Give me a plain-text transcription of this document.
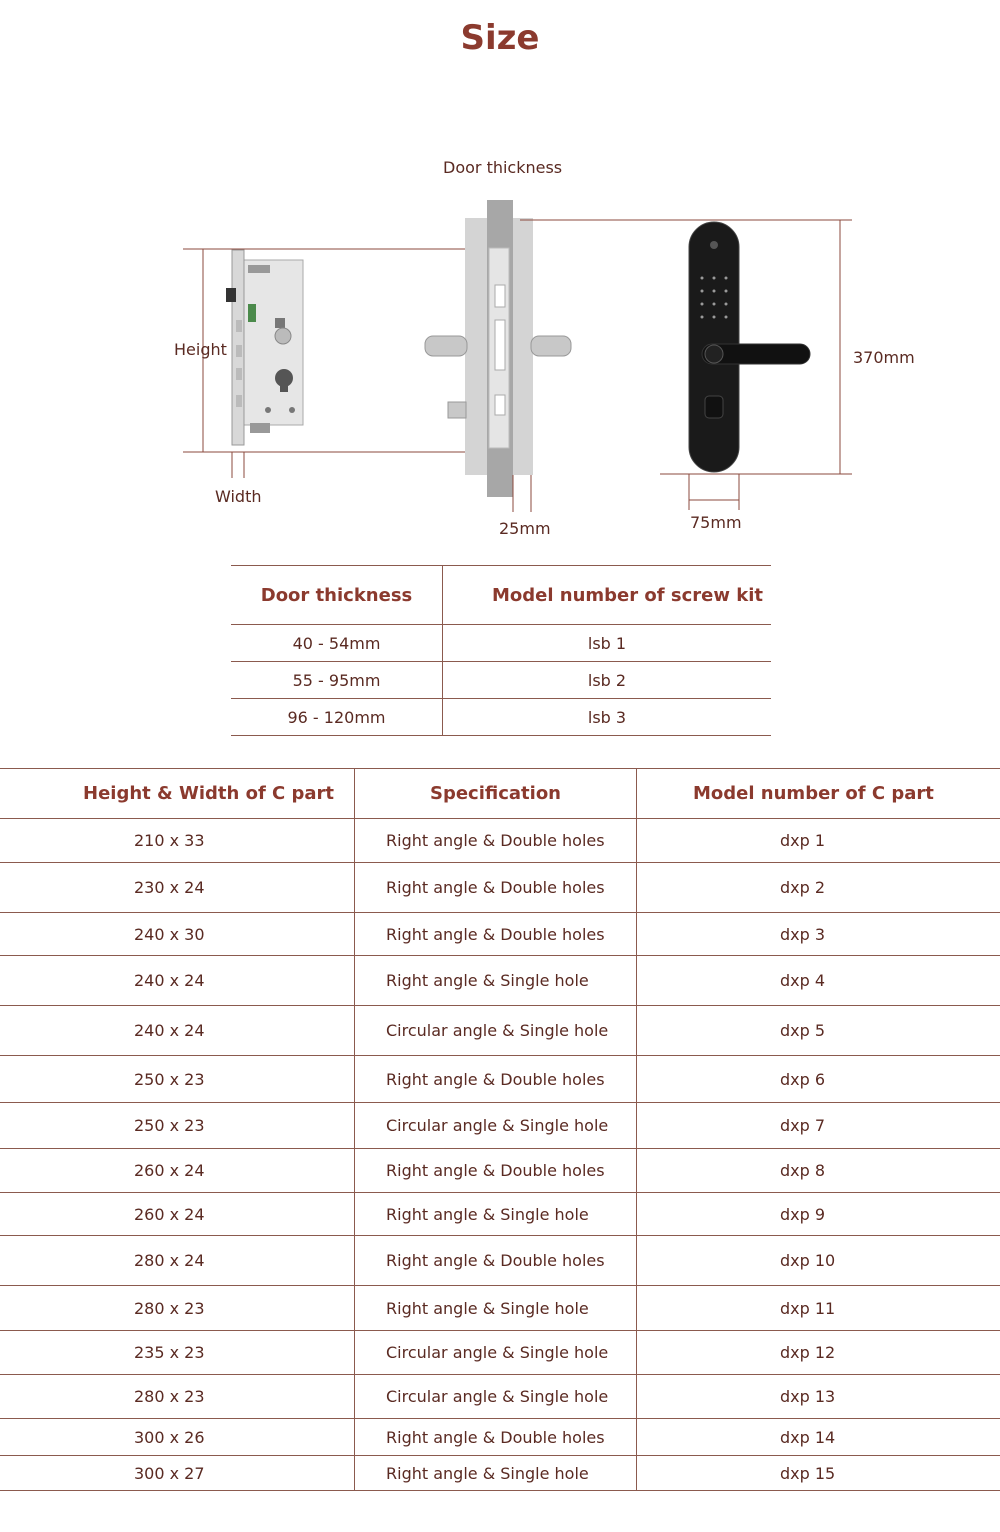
Size
Door thickness
Height
Width
25mm
370mm
75mm
Door thickness	Model number of screw kit
40 - 54mm	lsb 1
55 - 95mm	lsb 2
96 - 120mm	lsb 3
Height & Width of C part	Specification	Model number of C part
210 x 33	Right angle & Double holes	dxp 1
230 x 24	Right angle & Double holes	dxp 2
240 x 30	Right angle & Double holes	dxp 3
240 x 24	Right angle & Single hole	dxp 4
240 x 24	Circular angle & Single hole	dxp 5
250 x 23	Right angle & Double holes	dxp 6
250 x 23	Circular angle & Single hole	dxp 7
260 x 24	Right angle & Double holes	dxp 8
260 x 24	Right angle & Single hole	dxp 9
280 x 24	Right angle & Double holes	dxp 10
280 x 23	Right angle & Single hole	dxp 11
235 x 23	Circular angle & Single hole	dxp 12
280 x 23	Circular angle & Single hole	dxp 13
300 x 26	Right angle & Double holes	dxp 14
300 x 27	Right angle & Single hole	dxp 15
